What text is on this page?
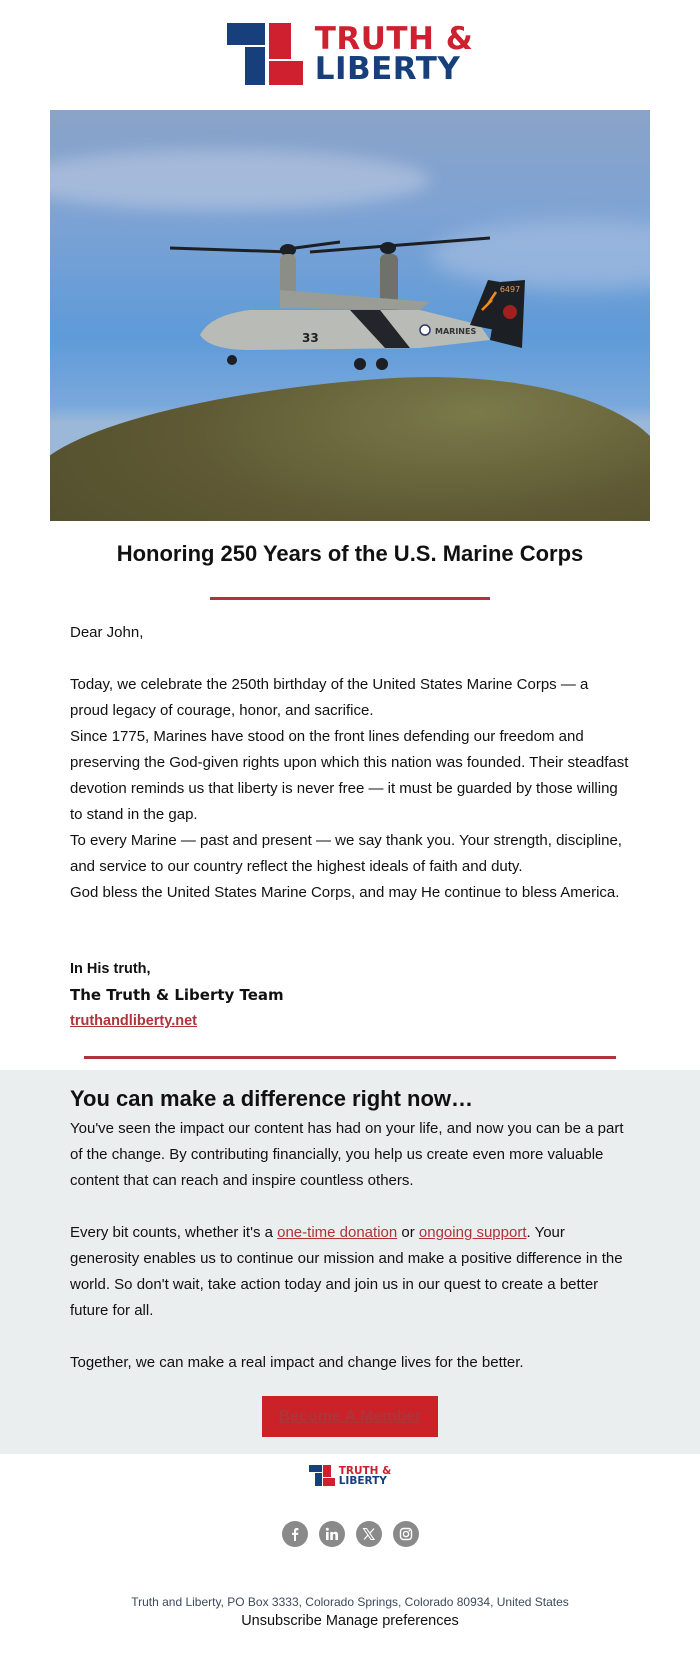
TRUTH &
LIBERTY
6497
33	MARINES
Honoring 250 Years of the U.S. Marine Corps
Dear John,

Today, we celebrate the 250th birthday of the United States Marine Corps — a proud legacy of courage, honor, and sacrifice.

Since 1775, Marines have stood on the front lines defending our freedom and preserving the God-given rights upon which this nation was founded. Their steadfast devotion reminds us that liberty is never free — it must be guarded by those willing to stand in the gap.

To every Marine — past and present — we say thank you. Your strength, discipline, and service to our country reflect the highest ideals of faith and duty.

God bless the United States Marine Corps, and may He continue to bless America.

In His truth,
The Truth & Liberty Team
truthandliberty.net
You can make a difference right now…

You've seen the impact our content has had on your life, and now you can be a part of the change. By contributing financially, you help us create even more valuable content that can reach and inspire countless others.

Every bit counts, whether it's a one-time donation or ongoing support. Your generosity enables us to continue our mission and make a positive difference in the world. So don't wait, take action today and join us in our quest to create a better future for all.

Together, we can make a real impact and change lives for the better.

Become A Member
TRUTH &
LIBERTY
Truth and Liberty, PO Box 3333, Colorado Springs, Colorado 80934, United States
Unsubscribe Manage preferences
